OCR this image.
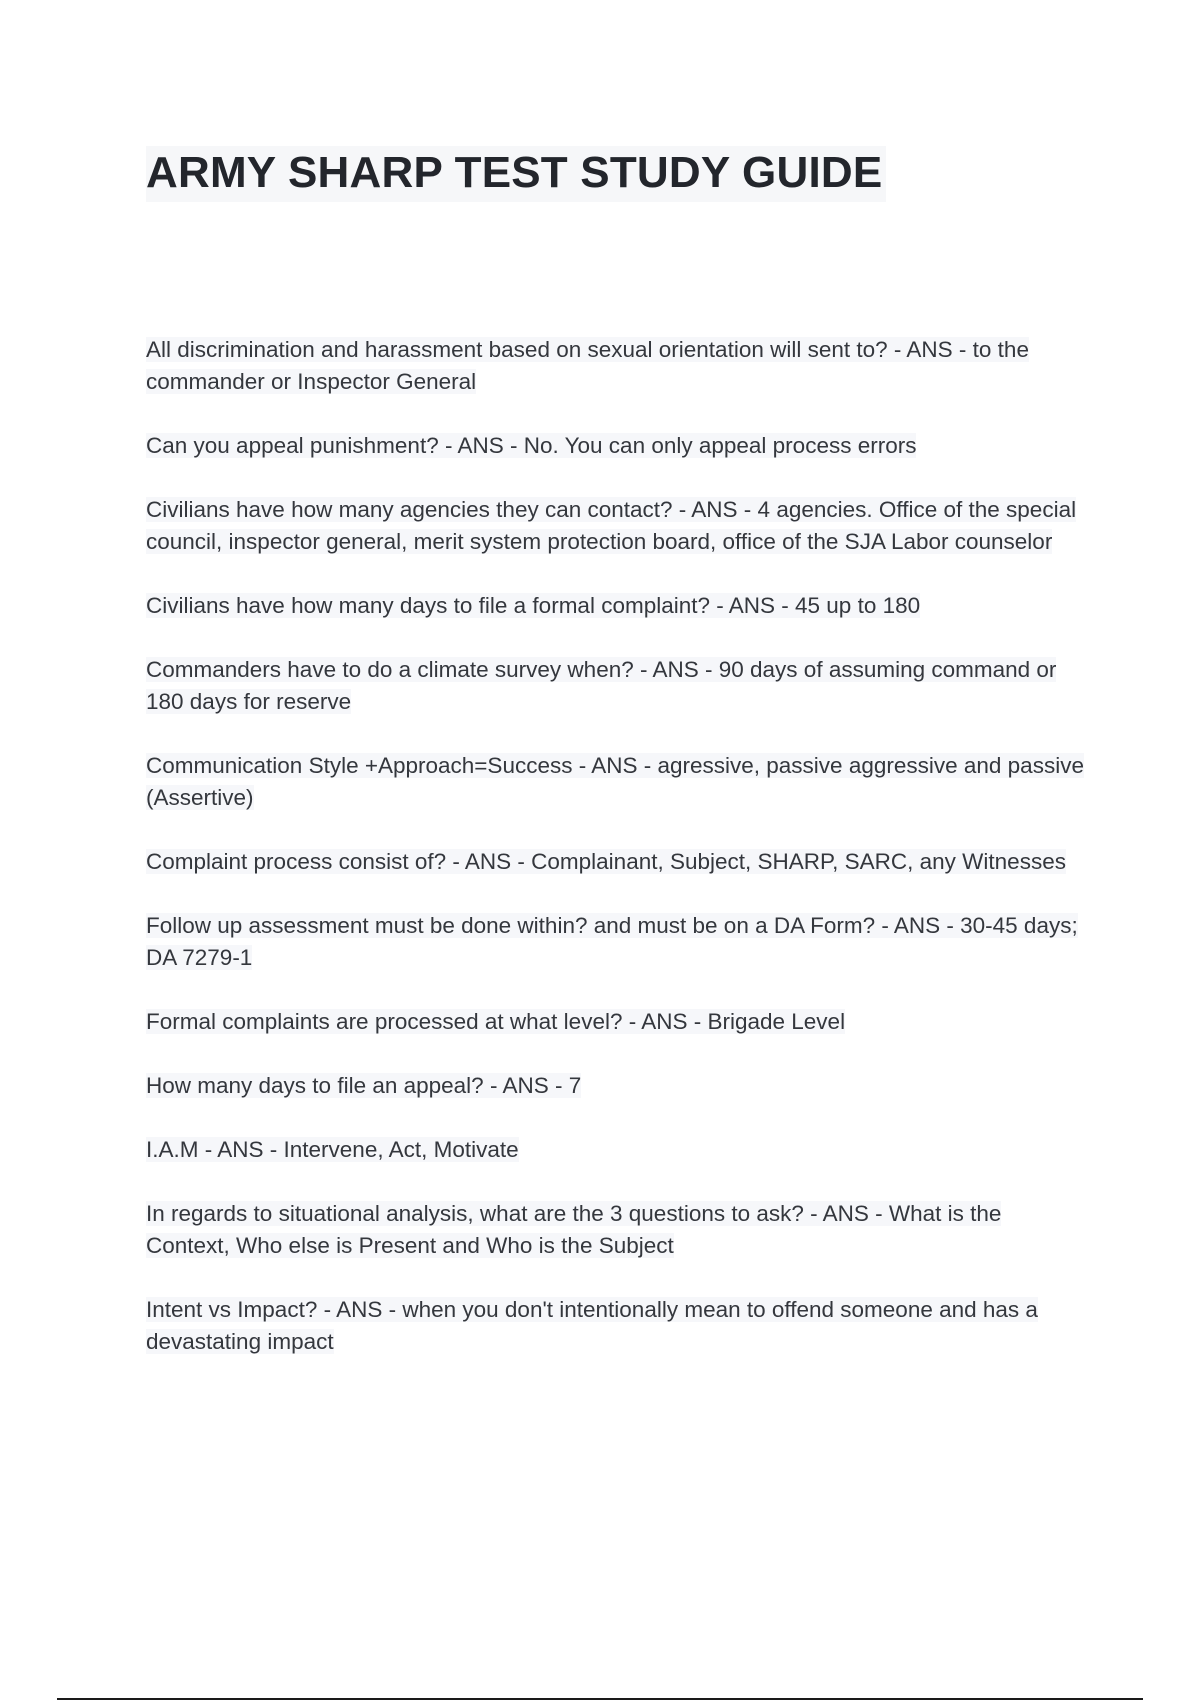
ARMY SHARP TEST STUDY GUIDE

All discrimination and harassment based on sexual orientation will sent to? - ANS - to the commander or Inspector General

Can you appeal punishment? - ANS - No. You can only appeal process errors

Civilians have how many agencies they can contact? - ANS - 4 agencies. Office of the special council, inspector general, merit system protection board, office of the SJA Labor counselor

Civilians have how many days to file a formal complaint? - ANS - 45 up to 180

Commanders have to do a climate survey when? - ANS - 90 days of assuming command or 180 days for reserve

Communication Style +Approach=Success - ANS - agressive, passive aggressive and passive (Assertive)

Complaint process consist of? - ANS - Complainant, Subject, SHARP, SARC, any Witnesses

Follow up assessment must be done within? and must be on a DA Form? - ANS - 30-45 days; DA 7279-1

Formal complaints are processed at what level? - ANS - Brigade Level

How many days to file an appeal? - ANS - 7

I.A.M - ANS - Intervene, Act, Motivate

In regards to situational analysis, what are the 3 questions to ask? - ANS - What is the Context, Who else is Present and Who is the Subject

Intent vs Impact? - ANS - when you don't intentionally mean to offend someone and has a devastating impact
